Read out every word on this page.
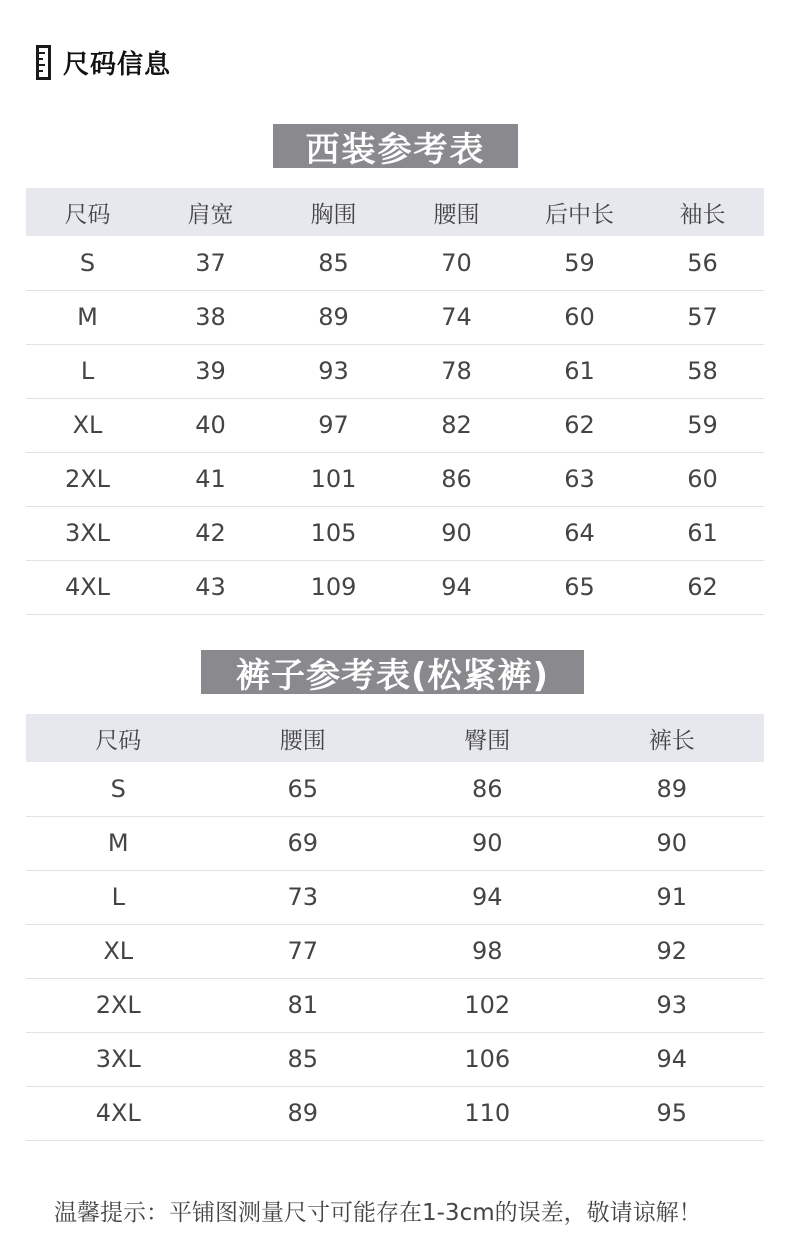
尺码信息
西装参考表
尺码	肩宽	胸围	腰围	后中长	袖长
S	37	85	70	59	56
M	38	89	74	60	57
L	39	93	78	61	58
XL	40	97	82	62	59
2XL	41	101	86	63	60
3XL	42	105	90	64	61
4XL	43	109	94	65	62
裤子参考表(松紧裤)
尺码	腰围	臀围	裤长
S	65	86	89
M	69	90	90
L	73	94	91
XL	77	98	92
2XL	81	102	93
3XL	85	106	94
4XL	89	110	95
温馨提示：平铺图测量尺寸可能存在1-3cm的误差，敬请谅解！
